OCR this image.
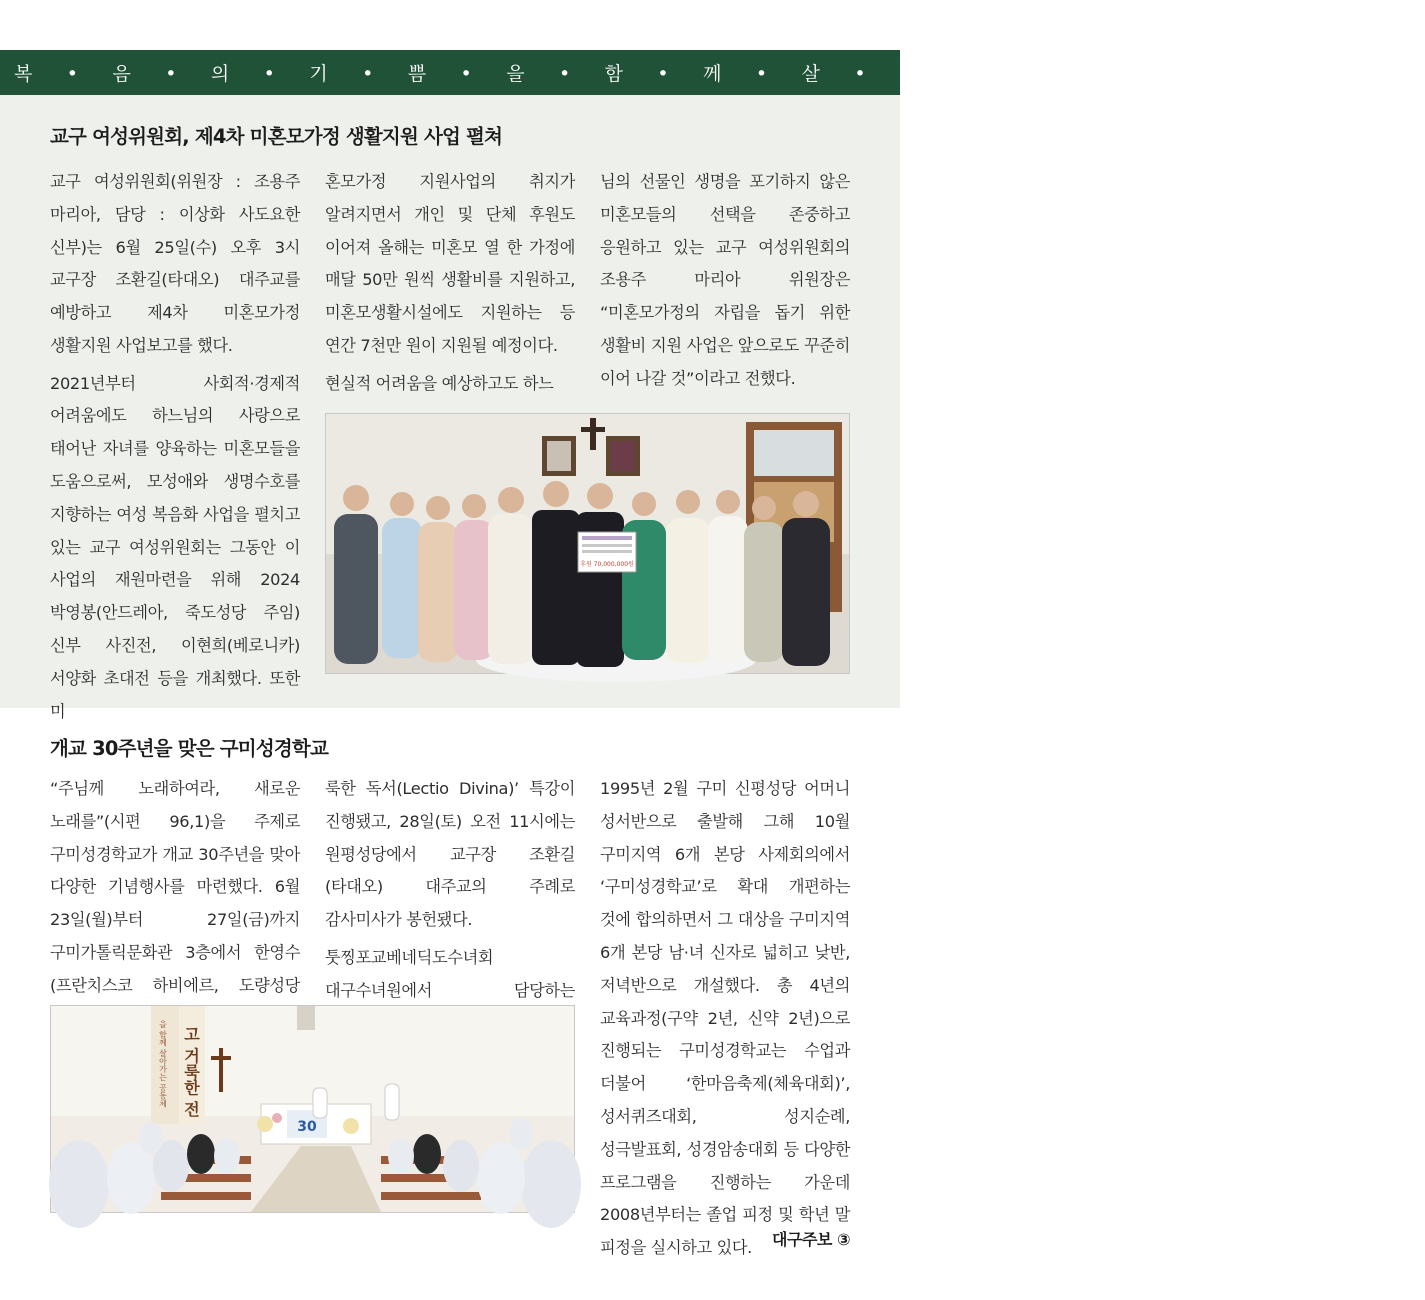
복 • 음 • 의 • 기 • 쁨 • 을 • 함 • 께 • 살 • 아 • 가 • 는 • 공 • 동 • 체
교구 여성위원회, 제4차 미혼모가정 생활지원 사업 펼쳐

교구 여성위원회(위원장 : 조용주 마리아, 담당 : 이상화 사도요한 신부)는 6월 25일(수) 오후 3시 교구장 조환길(타대오) 대주교를 예방하고 제4차 미혼모가정 생활지원 사업보고를 했다.

2021년부터 사회적·경제적 어려움에도 하느님의 사랑으로 태어난 자녀를 양육하는 미혼모들을 도움으로써, 모성애와 생명수호를 지향하는 여성 복음화 사업을 펼치고 있는 교구 여성위원회는 그동안 이 사업의 재원마련을 위해 2024 박영봉(안드레아, 죽도성당 주임) 신부 사진전, 이현희(베로니카) 서양화 초대전 등을 개최했다. 또한 미

혼모가정 지원사업의 취지가 알려지면서 개인 및 단체 후원도 이어져 올해는 미혼모 열 한 가정에 매달 50만 원씩 생활비를 지원하고, 미혼모생활시설에도 지원하는 등 연간 7천만 원이 지원될 예정이다.

현실적 어려움을 예상하고도 하느

님의 선물인 생명을 포기하지 않은 미혼모들의 선택을 존중하고 응원하고 있는 교구 여성위원회의 조용주 마리아 위원장은 “미혼모가정의 자립을 돕기 위한 생활비 지원 사업은 앞으로도 꾸준히 이어 나갈 것”이라고 전했다.

후원 70,000,000원
개교 30주년을 맞은 구미성경학교

“주님께 노래하여라, 새로운 노래를”(시편 96,1)을 주제로 구미성경학교가 개교 30주년을 맞아 다양한 기념행사를 마련했다. 6월 23일(월)부터 27일(금)까지 구미가톨릭문화관 3층에서 한영수(프란치스코 하비에르, 도량성당

룩한 독서(Lectio Divina)’ 특강이 진행됐고, 28일(토) 오전 11시에는 원평성당에서 교구장 조환길(타대오) 대주교의 주례로 감사미사가 봉헌됐다.

툿찡포교베네딕도수녀회 대구수녀원에서 담당하는

1995년 2월 구미 신평성당 어머니 성서반으로 출발해 그해 10월 구미지역 6개 본당 사제회의에서 ‘구미성경학교’로 확대 개편하는 것에 합의하면서 그 대상을 구미지역 6개 본당 남·녀 신자로 넓히고 낮반, 저녁반으로 개설했다. 총 4년의 교육과정(구약 2년, 신약 2년)으로 진행되는 구미성경학교는 수업과 더불어 ‘한마음축제(체육대회)’, 성서퀴즈대회, 성지순례, 성극발표회, 성경암송대회 등 다양한 프로그램을 진행하는 가운데 2008년부터는 졸업 피정 및 학년 말 피정을 실시하고 있다.

을 함께 살아가는 공동체 고 거룩한 전
30
대구주보 ③
